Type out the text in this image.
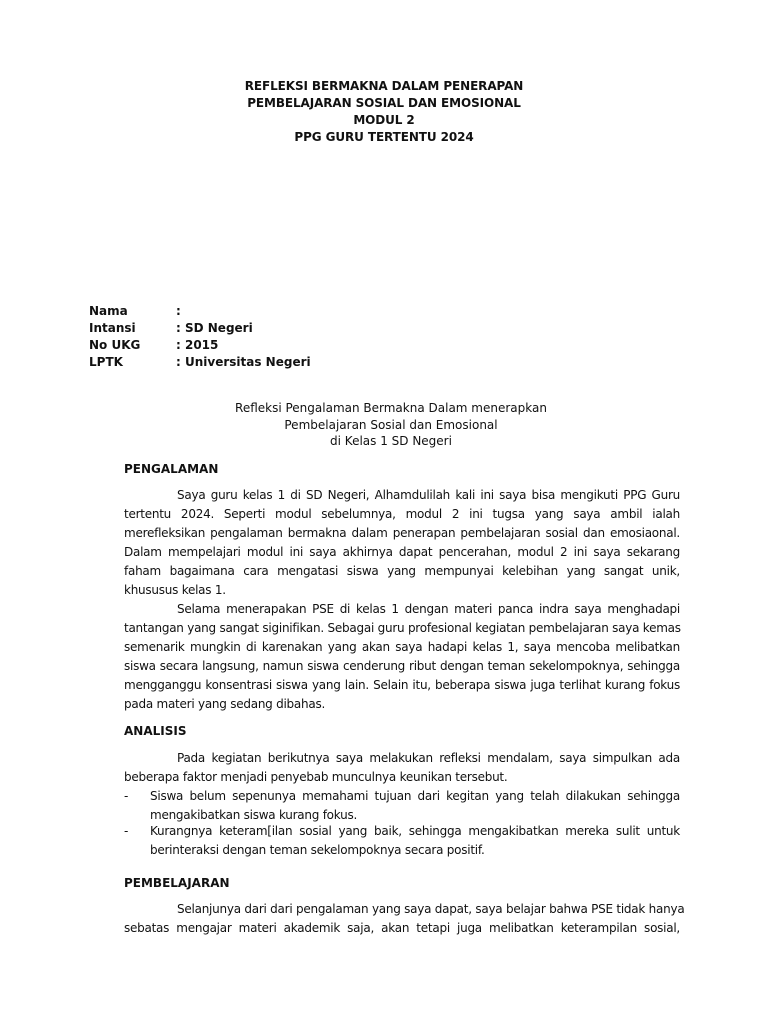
REFLEKSI BERMAKNA DALAM PENERAPAN
PEMBELAJARAN SOSIAL DAN EMOSIONAL
MODUL 2
PPG GURU TERTENTU 2024
Nama	:
Intansi	: SD Negeri
No UKG	: 2015
LPTK	: Universitas Negeri
Refleksi Pengalaman Bermakna Dalam menerapkan
Pembelajaran Sosial dan Emosional
di Kelas 1 SD Negeri
PENGALAMAN
Saya guru kelas 1 di SD Negeri, Alhamdulilah kali ini saya bisa mengikuti PPG Guru
tertentu 2024. Seperti modul sebelumnya, modul 2 ini tugsa yang saya ambil ialah
merefleksikan pengalaman bermakna dalam penerapan pembelajaran sosial dan emosiaonal.
Dalam mempelajari modul ini saya akhirnya dapat pencerahan, modul 2 ini saya sekarang
faham bagaimana cara mengatasi siswa yang mempunyai kelebihan yang sangat unik,
khususus kelas 1.
Selama menerapakan PSE di kelas 1 dengan materi panca indra saya menghadapi
tantangan yang sangat siginifikan. Sebagai guru profesional kegiatan pembelajaran saya kemas
semenarik mungkin di karenakan yang akan saya hadapi kelas 1, saya mencoba melibatkan
siswa secara langsung, namun siswa cenderung ribut dengan teman sekelompoknya, sehingga
mengganggu konsentrasi siswa yang lain. Selain itu, beberapa siswa juga terlihat kurang fokus
pada materi yang sedang dibahas.
ANALISIS
Pada kegiatan berikutnya saya melakukan refleksi mendalam, saya simpulkan ada
beberapa faktor menjadi penyebab munculnya keunikan tersebut.
- Siswa belum sepenunya memahami tujuan dari kegitan yang telah dilakukan sehingga
mengakibatkan siswa kurang fokus.
- Kurangnya keteram[ilan sosial yang baik, sehingga mengakibatkan mereka sulit untuk
berinteraksi dengan teman sekelompoknya secara positif.
PEMBELAJARAN
Selanjunya dari dari pengalaman yang saya dapat, saya belajar bahwa PSE tidak hanya
sebatas mengajar materi akademik saja, akan tetapi juga melibatkan keterampilan sosial,
